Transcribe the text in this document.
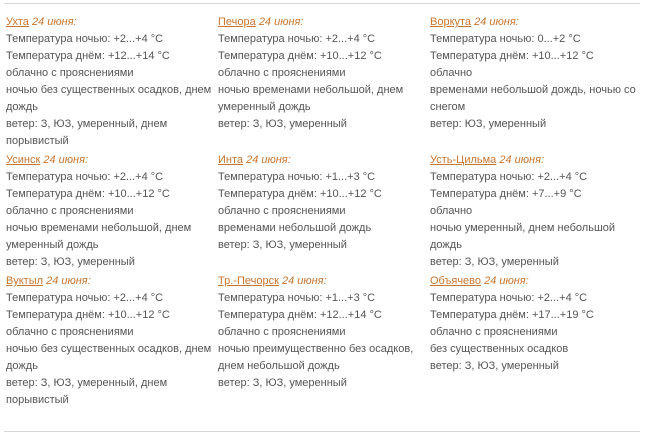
Ухта 24 июня:

Температура ночью: +2...+4 °C

Температура днём: +12...+14 °C

облачно с прояснениями

ночью без существенных осадков, днем дождь

ветер: З, ЮЗ, умеренный, днем порывистый

Печора 24 июня:

Температура ночью: +2...+4 °C

Температура днём: +10...+12 °C

облачно с прояснениями

ночью временами небольшой, днем умеренный дождь

ветер: З, ЮЗ, умеренный

Воркута 24 июня:

Температура ночью: 0...+2 °C

Температура днём: +10...+12 °C

облачно

временами небольшой дождь, ночью со снегом

ветер: ЮЗ, умеренный

Усинск 24 июня:

Температура ночью: +2...+4 °C

Температура днём: +10...+12 °C

облачно с прояснениями

ночью временами небольшой, днем умеренный дождь

ветер: З, ЮЗ, умеренный

Инта 24 июня:

Температура ночью: +1...+3 °C

Температура днём: +10...+12 °C

облачно с прояснениями

временами небольшой дождь

ветер: З, ЮЗ, умеренный

Усть-Цильма 24 июня:

Температура ночью: +2...+4 °C

Температура днём: +7...+9 °C

облачно

ночью умеренный, днем небольшой дождь

ветер: З, ЮЗ, умеренный

Вуктыл 24 июня:

Температура ночью: +2...+4 °C

Температура днём: +10...+12 °C

облачно с прояснениями

ночью без существенных осадков, днем дождь

ветер: З, ЮЗ, умеренный, днем порывистый

Тр.-Печорск 24 июня:

Температура ночью: +1...+3 °C

Температура днём: +12...+14 °C

облачно с прояснениями

ночью преимущественно без осадков, днем небольшой дождь

ветер: З, ЮЗ, умеренный

Объячево 24 июня:

Температура ночью: +2...+4 °C

Температура днём: +17...+19 °C

облачно с прояснениями

без существенных осадков

ветер: З, ЮЗ, умеренный
